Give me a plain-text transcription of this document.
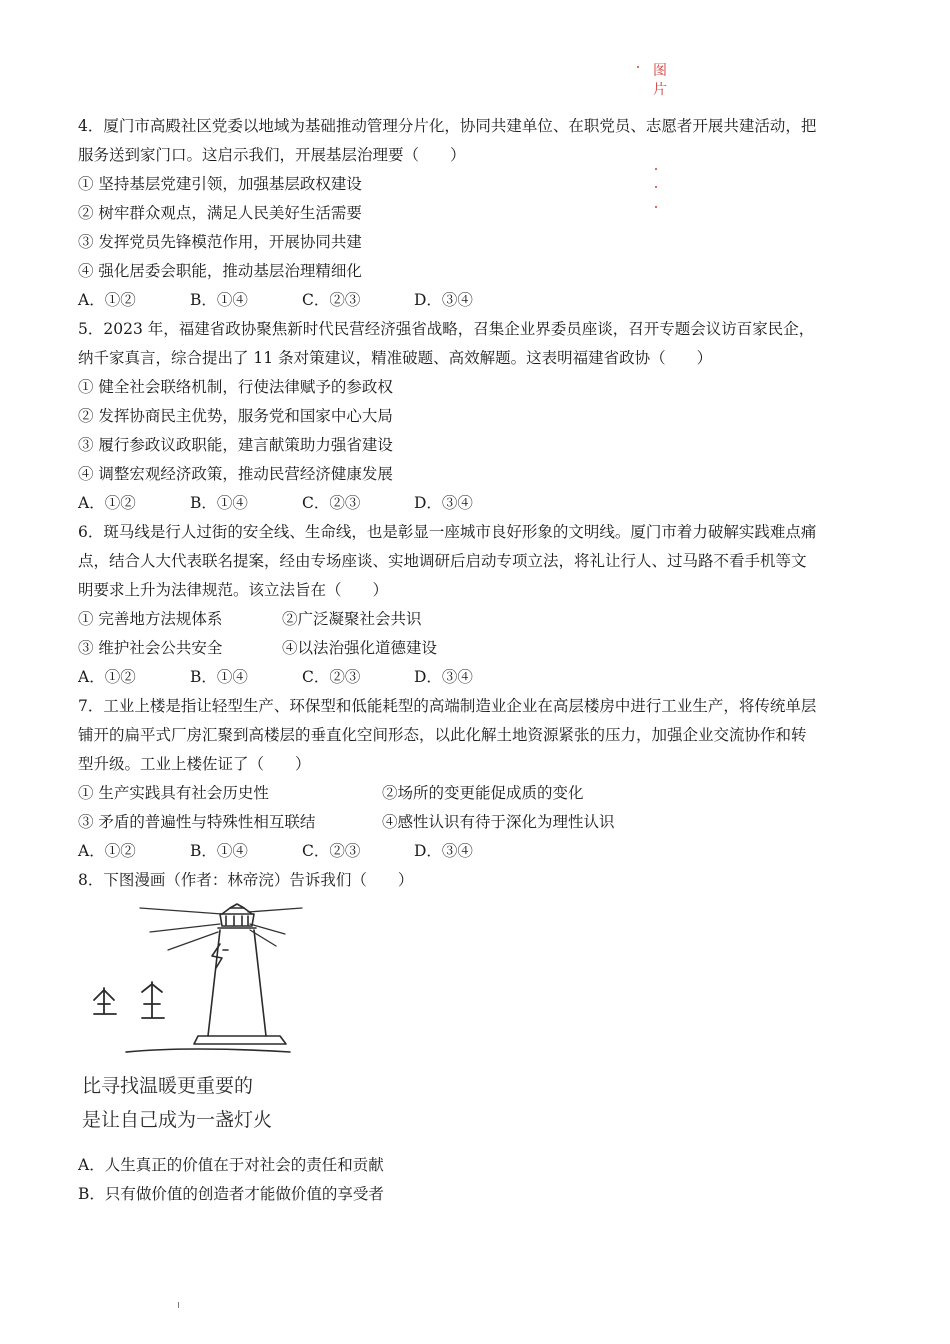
图
片
4．厦门市高殿社区党委以地域为基础推动管理分片化，协同共建单位、在职党员、志愿者开展共建活动，把
服务送到家门口。这启示我们，开展基层治理要（　　）
① 坚持基层党建引领，加强基层政权建设
② 树牢群众观点，满足人民美好生活需要
③ 发挥党员先锋模范作用，开展协同共建
④ 强化居委会职能，推动基层治理精细化
A．①②	B．①④	C．②③	D．③④
5．2023 年，福建省政协聚焦新时代民营经济强省战略，召集企业界委员座谈，召开专题会议访百家民企，
纳千家真言，综合提出了 11 条对策建议，精准破题、高效解题。这表明福建省政协（　　）
① 健全社会联络机制，行使法律赋予的参政权
② 发挥协商民主优势，服务党和国家中心大局
③ 履行参政议政职能，建言献策助力强省建设
④ 调整宏观经济政策，推动民营经济健康发展
A．①②	B．①④	C．②③	D．③④
6．斑马线是行人过街的安全线、生命线，也是彰显一座城市良好形象的文明线。厦门市着力破解实践难点痛
点，结合人大代表联名提案，经由专场座谈、实地调研后启动专项立法，将礼让行人、过马路不看手机等文
明要求上升为法律规范。该立法旨在（　　）
① 完善地方法规体系	②广泛凝聚社会共识
③ 维护社会公共安全	④以法治强化道德建设
A．①②	B．①④	C．②③	D．③④
7．工业上楼是指让轻型生产、环保型和低能耗型的高端制造业企业在高层楼房中进行工业生产，将传统单层
铺开的扁平式厂房汇聚到高楼层的垂直化空间形态，以此化解土地资源紧张的压力，加强企业交流协作和转
型升级。工业上楼佐证了（　　）
① 生产实践具有社会历史性	②场所的变更能促成质的变化
③ 矛盾的普遍性与特殊性相互联结	④感性认识有待于深化为理性认识
A．①②	B．①④	C．②③	D．③④
8．下图漫画（作者：林帝浣）告诉我们（　　）
比寻找温暖更重要的
是让自己成为一盏灯火
A．人生真正的价值在于对社会的责任和贡献
B．只有做价值的创造者才能做价值的享受者
